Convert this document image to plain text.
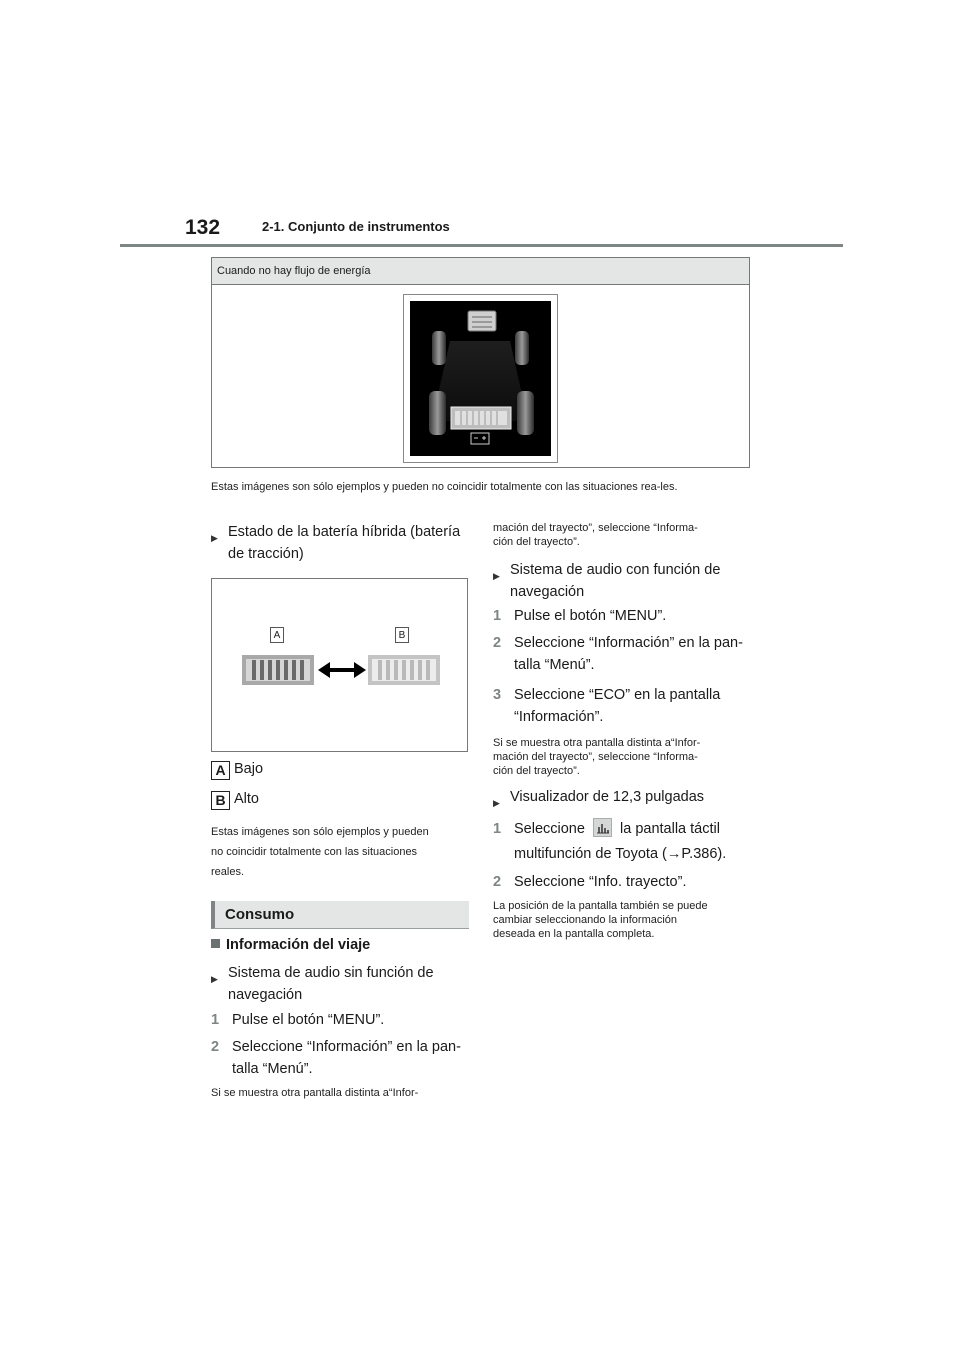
132	2-1. Conjunto de instrumentos
Cuando no hay flujo de energía
Estas imágenes son sólo ejemplos y pueden no coincidir totalmente con las situaciones rea-les.
▶ Estado de la batería híbrida (batería
de tracción)
A	B
A Bajo
B Alto
Estas imágenes son sólo ejemplos y pueden
no coincidir totalmente con las situaciones
reales.
Consumo
Información del viaje
▶ Sistema de audio sin función de
navegación
1 Pulse el botón “MENU”.
2 Seleccione “Información” en la pan-
talla “Menú”.
Si se muestra otra pantalla distinta a“Infor-
mación del trayecto”, seleccione “Informa-
ción del trayecto”.
▶ Sistema de audio con función de
navegación
1 Pulse el botón “MENU”.
2 Seleccione “Información” en la pan-
talla “Menú”.
3 Seleccione “ECO” en la pantalla
“Información”.
Si se muestra otra pantalla distinta a“Infor-
mación del trayecto”, seleccione “Informa-
ción del trayecto”.
▶ Visualizador de 12,3 pulgadas
1 Seleccione la pantalla táctil
multifunción de Toyota (→P.386).
2 Seleccione “Info. trayecto”.
La posición de la pantalla también se puede
cambiar seleccionando la información
deseada en la pantalla completa.
